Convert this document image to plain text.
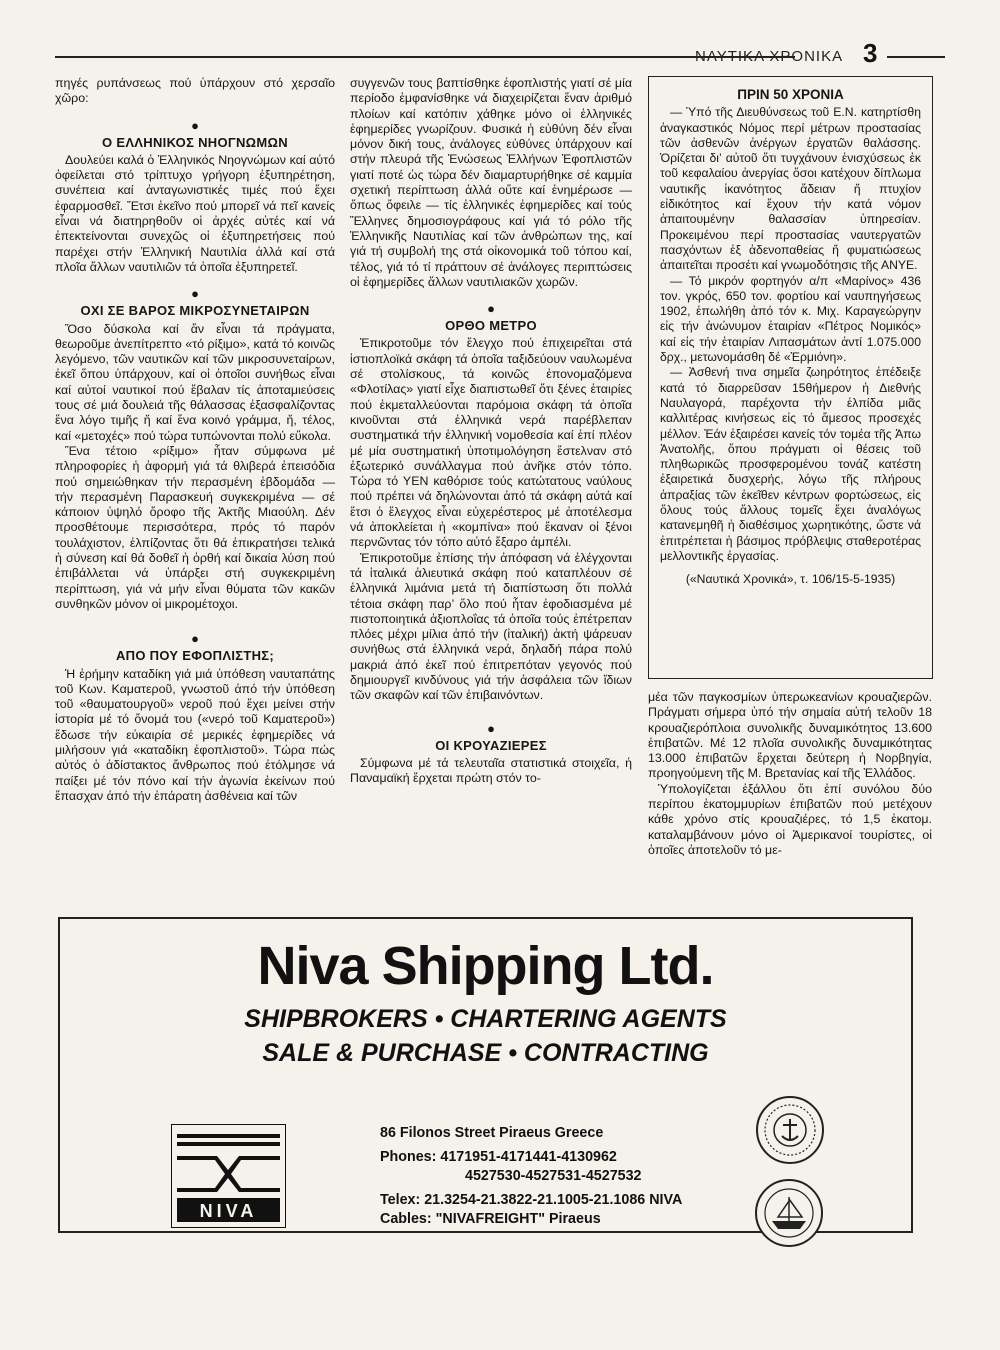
ΝΑΥΤΙΚΑ ΧΡΟΝΙΚΑ 3

πηγές ρυπάνσεως πού ὑπάρχουν στό χερσαῖο χῶρο:

●
Ο ΕΛΛΗΝΙΚΟΣ ΝΗΟΓΝΩΜΩΝ

Δουλεύει καλά ὁ Ἑλληνικός Νηογνώμων καί αὐτό ὀφείλεται στό τρίπτυχο γρήγορη ἐξυπηρέτηση, συνέπεια καί ἀνταγωνιστικές τιμές πού ἔχει ἐφαρμοσθεῖ. Ἔτσι ἐκεῖνο πού μπορεῖ νά πεῖ κανείς εἶναι νά διατηρηθοῦν οἱ ἀρχές αὐτές καί νά ἐπεκτείνονται συνεχῶς οἱ ἐξυπηρετήσεις πού παρέχει στήν Ἑλληνική Ναυτιλία ἀλλά καί στά πλοῖα ἄλλων ναυτιλιῶν τά ὁποῖα ἐξυπηρετεῖ.

●
ΟΧΙ ΣΕ ΒΑΡΟΣ ΜΙΚΡΟΣΥΝΕΤΑΙΡΩΝ

Ὅσο δύσκολα καί ἄν εἶναι τά πράγματα, θεωροῦμε ἀνεπίτρεπτο «τό ρίξιμο», κατά τό κοινῶς λεγόμενο, τῶν ναυτικῶν καί τῶν μικροσυνεταίρων, ἐκεῖ ὅπου ὑπάρχουν, καί οἱ ὁποῖοι συνήθως εἶναι καί αὐτοί ναυτικοί πού ἔβαλαν τίς ἀποταμιεύσεις τους σέ μιά δουλειά τῆς θάλασσας ἐξασφαλίζοντας ἕνα λόγο τιμῆς ἤ καί ἕνα κοινό γράμμα, ἤ, τέλος, καί «μετοχές» πού τώρα τυπώνονται πολύ εὔκολα.

Ἕνα τέτοιο «ρίξιμο» ἦταν σύμφωνα μέ πληροφορίες ἡ ἀφορμή γιά τά θλιβερά ἐπεισόδια πού σημειώθηκαν τήν περασμένη ἑβδομάδα — τήν περασμένη Παρασκευή συγκεκριμένα — σέ κάποιον ὑψηλό ὄροφο τῆς Ἀκτῆς Μιαούλη. Δέν προσθέτουμε περισσότερα, πρός τό παρόν τουλάχιστον, ἐλπίζοντας ὅτι θά ἐπικρατήσει τελικά ἡ σύνεση καί θά δοθεῖ ἡ ὀρθή καί δικαία λύση πού ἐπιβάλλεται νά ὑπάρξει στή συγκεκριμένη περίπτωση, γιά νά μήν εἶναι θύματα τῶν κακῶν συνθηκῶν μόνον οἱ μικρομέτοχοι.

●
ΑΠΟ ΠΟΥ ΕΦΟΠΛΙΣΤΗΣ;

Ἡ ἐρήμην καταδίκη γιά μιά ὑπόθεση ναυταπάτης τοῦ Κων. Καματεροῦ, γνωστοῦ ἀπό τήν ὑπόθεση τοῦ «θαυματουργοῦ» νεροῦ πού ἔχει μείνει στήν ἱστορία μέ τό ὄνομά του («νερό τοῦ Καματεροῦ») ἔδωσε τήν εὐκαιρία σέ μερικές ἐφημερίδες νά μιλήσουν γιά «καταδίκη ἐφοπλιστοῦ». Τώρα πώς αὐτός ὁ ἀδίστακτος ἄνθρωπος πού ἐτόλμησε νά παίξει μέ τόν πόνο καί τήν ἀγωνία ἐκείνων πού ἔπασχαν ἀπό τήν ἐπάρατη ἀσθένεια καί τῶν

συγγενῶν τους βαπτίσθηκε ἐφοπλιστής γιατί σέ μία περίοδο ἐμφανίσθηκε νά διαχειρίζεται ἕναν ἀριθμό πλοίων καί κατόπιν χάθηκε μόνο οἱ ἑλληνικές ἐφημερίδες γνωρίζουν. Φυσικά ἡ εὐθύνη δέν εἶναι μόνον δική τους, ἀνάλογες εὐθύνες ὑπάρχουν καί στήν πλευρά τῆς Ἑνώσεως Ἑλλήνων Ἐφοπλιστῶν γιατί ποτέ ὡς τώρα δέν διαμαρτυρήθηκε σέ καμμία σχετική περίπτωση ἀλλά οὔτε καί ἐνημέρωσε — ὅπως ὄφειλε — τίς ἑλληνικές ἐφημερίδες καί τούς Ἕλληνες δημοσιογράφους καί γιά τό ρόλο τῆς Ἑλληνικῆς Ναυτιλίας καί τῶν ἀνθρώπων της, καί γιά τή συμβολή της στά οἰκονομικά τοῦ τόπου καί, τέλος, γιά τό τί πράττουν σέ ἀνάλογες περιπτώσεις οἱ ἐφημερίδες ἄλλων ναυτιλιακῶν χωρῶν.

●
ΟΡΘΟ ΜΕΤΡΟ

Ἐπικροτοῦμε τόν ἔλεγχο πού ἐπιχειρεῖται στά ἱστιοπλοϊκά σκάφη τά ὁποῖα ταξιδεύουν ναυλωμένα σέ στολίσκους, τά κοινῶς ἐπονομαζόμενα «Φλοτίλας» γιατί εἶχε διαπιστωθεῖ ὅτι ξένες ἑταιρίες πού ἐκμεταλλεύονται παρόμοια σκάφη τά ὁποῖα κινοῦνται στά ἑλληνικά νερά παρέβλεπαν συστηματικά τήν ἑλληνική νομοθεσία καί ἐπί πλέον μέ μία συστηματική ὑποτιμολόγηση ἔστελναν στό ἐξωτερικό συνάλλαγμα πού ἀνῆκε στόν τόπο. Τώρα τό ΥΕΝ καθόρισε τούς κατώτατους ναύλους πού πρέπει νά δηλώνονται ἀπό τά σκάφη αὐτά καί ἔτσι ὁ ἔλεγχος εἶναι εὐχερέστερος μέ ἀποτέλεσμα νά ἀποκλείεται ἡ «κομπίνα» πού ἔκαναν οἱ ξένοι περνῶντας τόν τόπο αὐτό ἔξαρο ἀμπέλι.

Ἐπικροτοῦμε ἐπίσης τήν ἀπόφαση νά ἐλέγχονται τά ἰταλικά ἁλιευτικά σκάφη πού καταπλέουν σέ ἑλληνικά λιμάνια μετά τή διαπίστωση ὅτι πολλά τέτοια σκάφη παρ’ ὅλο πού ἦταν ἐφοδιασμένα μέ πιστοποιητικά ἀξιοπλοΐας τά ὁποῖα τούς ἐπέτρεπαν πλόες μέχρι μίλια ἀπό τήν (ἰταλική) ἀκτή ψάρευαν συνήθως στά ἑλληνικά νερά, δηλαδή πάρα πολύ μακριά ἀπό ἐκεῖ πού ἐπιτρεπόταν γεγονός πού δημιουργεῖ κινδύνους γιά τήν ἀσφάλεια τῶν ἴδιων τῶν σκαφῶν καί τῶν ἐπιβαινόντων.

●
ΟΙ ΚΡΟΥΑΖΙΕΡΕΣ

Σύμφωνα μέ τά τελευταῖα στατιστικά στοιχεῖα, ἡ Παναμαϊκή ἔρχεται πρώτη στόν το-

ΠΡΙΝ 50 ΧΡΟΝΙΑ

— Ὑπό τῆς Διευθύνσεως τοῦ Ε.Ν. κατηρτίσθη ἀναγκαστικός Νόμος περί μέτρων προστασίας τῶν ἀσθενῶν ἀνέργων ἐργατῶν θαλάσσης. Ὁρίζεται δι’ αὐτοῦ ὅτι τυγχάνουν ἐνισχύσεως ἐκ τοῦ κεφαλαίου ἀνεργίας ὅσοι κατέχουν δίπλωμα ναυτικῆς ἱκανότητος ἄδειαν ἤ πτυχίον εἰδικότητος καί ἔχουν τήν κατά νόμον ἀπαιτουμένην θαλασσίαν ὑπηρεσίαν. Προκειμένου περί προστασίας ναυτεργατῶν πασχόντων ἐξ ἀδενοπαθείας ἤ φυματιώσεως ἀπαιτεῖται προσέτι καί γνωμοδότησις τῆς ΑΝΥΕ.

— Τό μικρόν φορτηγόν α/π «Μαρίνος» 436 τον. γκρός, 650 τον. φορτίου καί ναυπηγήσεως 1902, ἐπωλήθη ἀπό τόν κ. Μιχ. Καραγεώργην εἰς τήν ἀνώνυμον ἑταιρίαν «Πέτρος Νομικός» καί εἰς τήν ἑταιρίαν Λιπασμάτων ἀντί 1.075.000 δρχ., μετωνομάσθη δέ «Ἑρμιόνη».

— Ἀσθενή τινα σημεῖα ζωηρότητος ἐπέδειξε κατά τό διαρρεῦσαν 15θήμερον ἡ Διεθνής Ναυλαγορά, παρέχοντα τήν ἐλπίδα μιᾶς καλλιτέρας κινήσεως εἰς τό ἄμεσος προσεχές μέλλον. Ἐάν ἐξαιρέσει κανείς τόν τομέα τῆς Ἀπω Ἀνατολῆς, ὅπου πράγματι οἱ θέσεις τοῦ πληθωρικῶς προσφερομένου τονάζ κατέστη ἐξαιρετικά δυσχερής, λόγω τῆς πλήρους ἀπραξίας τῶν ἐκεῖθεν κέντρων φορτώσεως, εἰς ὅλους τούς ἄλλους τομεῖς ἔχει ἀναλόγως κατανεμηθῆ ἡ διαθέσιμος χωρητικότης, ὥστε νά ἐπιτρέπεται ἡ βάσιμος πρόβλεψις σταθεροτέρας μελλοντικῆς ἐργασίας.

(«Ναυτικά Χρονικά», τ. 106/15-5-1935)

μέα τῶν παγκοσμίων ὑπερωκεανίων κρουαζιερῶν. Πράγματι σήμερα ὑπό τήν σημαία αὐτή τελοῦν 18 κρουαζιερόπλοια συνολικῆς δυναμικότητος 13.600 ἐπιβατῶν. Μέ 12 πλοῖα συνολικῆς δυναμικότητας 13.000 ἐπιβατῶν ἔρχεται δεύτερη ἡ Νορβηγία, προηγούμενη τῆς Μ. Βρετανίας καί τῆς Ἑλλάδος.

Ὑπολογίζεται ἐξάλλου ὅτι ἐπί συνόλου δύο περίπου ἑκατομμυρίων ἐπιβατῶν πού μετέχουν κάθε χρόνο στίς κρουαζιέρες, τό 1,5 ἑκατομ. καταλαμβάνουν μόνο οἱ Ἀμερικανοί τουρίστες, οἱ ὁποῖες ἀποτελοῦν τό με-

Niva Shipping Ltd.
SHIPBROKERS • CHARTERING AGENTS
SALE & PURCHASE • CONTRACTING
NIVA
86 Filonos Street Piraeus Greece
Phones: 4171951-4171441-4130962
4527530-4527531-4527532
Telex: 21.3254-21.3822-21.1005-21.1086 NIVA
Cables: "NIVAFREIGHT" Piraeus
